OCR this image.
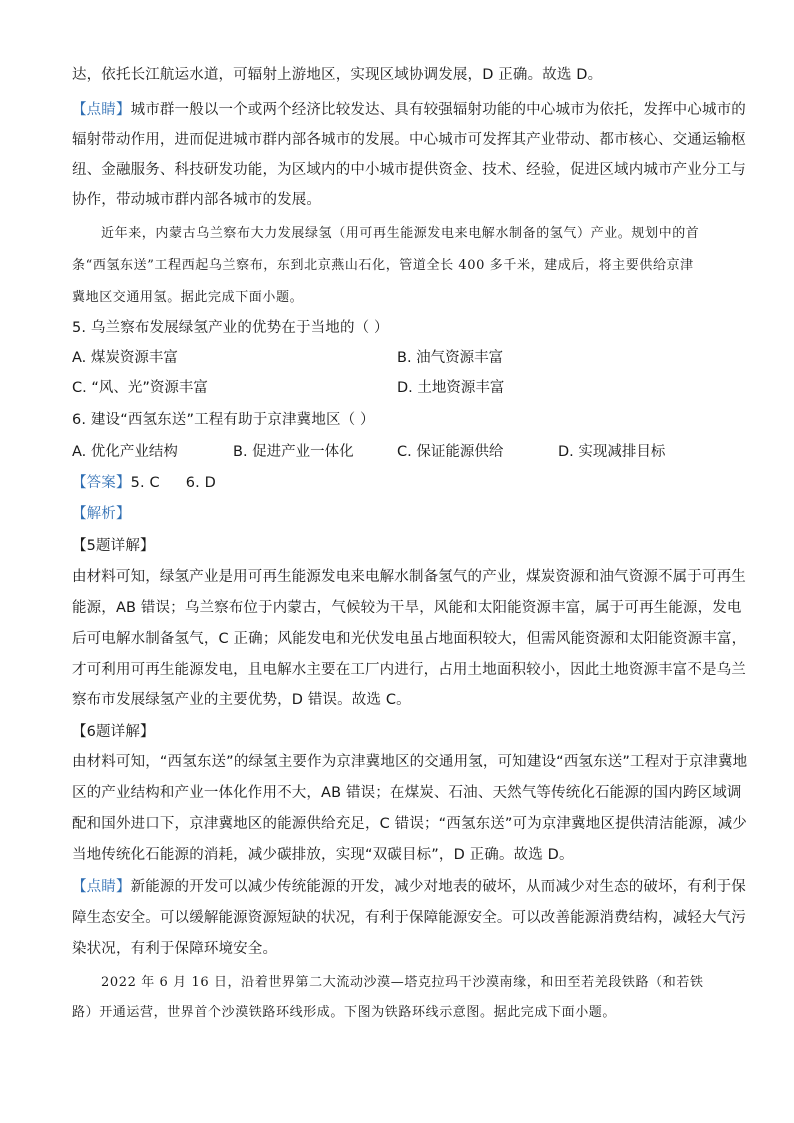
达，依托长江航运水道，可辐射上游地区，实现区域协调发展，D 正确。故选 D。
【点睛】城市群一般以一个或两个经济比较发达、具有较强辐射功能的中心城市为依托，发挥中心城市的
辐射带动作用，进而促进城市群内部各城市的发展。中心城市可发挥其产业带动、都市核心、交通运输枢
纽、金融服务、科技研发功能，为区域内的中小城市提供资金、技术、经验，促进区域内城市产业分工与
协作，带动城市群内部各城市的发展。
近年来，内蒙古乌兰察布大力发展绿氢（用可再生能源发电来电解水制备的氢气）产业。规划中的首
条“西氢东送”工程西起乌兰察布，东到北京燕山石化，管道全长 400 多千米，建成后，将主要供给京津
冀地区交通用氢。据此完成下面小题。
5. 乌兰察布发展绿氢产业的优势在于当地的（ ）
A. 煤炭资源丰富	B. 油气资源丰富
C. “风、光”资源丰富	D. 土地资源丰富
6. 建设“西氢东送”工程有助于京津冀地区（ ）
A. 优化产业结构	B. 促进产业一体化	C. 保证能源供给	D. 实现减排目标
【答案】5. C 6. D
【解析】
【5题详解】
由材料可知，绿氢产业是用可再生能源发电来电解水制备氢气的产业，煤炭资源和油气资源不属于可再生
能源，AB 错误；乌兰察布位于内蒙古，气候较为干旱，风能和太阳能资源丰富，属于可再生能源，发电
后可电解水制备氢气，C 正确；风能发电和光伏发电虽占地面积较大，但需风能资源和太阳能资源丰富，
才可利用可再生能源发电，且电解水主要在工厂内进行，占用土地面积较小，因此土地资源丰富不是乌兰
察布市发展绿氢产业的主要优势，D 错误。故选 C。
【6题详解】
由材料可知，“西氢东送”的绿氢主要作为京津冀地区的交通用氢，可知建设“西氢东送”工程对于京津冀地
区的产业结构和产业一体化作用不大，AB 错误；在煤炭、石油、天然气等传统化石能源的国内跨区域调
配和国外进口下，京津冀地区的能源供给充足，C 错误；“西氢东送”可为京津冀地区提供清洁能源，减少
当地传统化石能源的消耗，减少碳排放，实现“双碳目标”，D 正确。故选 D。
【点睛】新能源的开发可以减少传统能源的开发，减少对地表的破坏，从而减少对生态的破坏，有利于保
障生态安全。可以缓解能源资源短缺的状况，有利于保障能源安全。可以改善能源消费结构，减轻大气污
染状况，有利于保障环境安全。
2022 年 6 月 16 日，沿着世界第二大流动沙漠—塔克拉玛干沙漠南缘，和田至若羌段铁路（和若铁
路）开通运营，世界首个沙漠铁路环线形成。下图为铁路环线示意图。据此完成下面小题。
